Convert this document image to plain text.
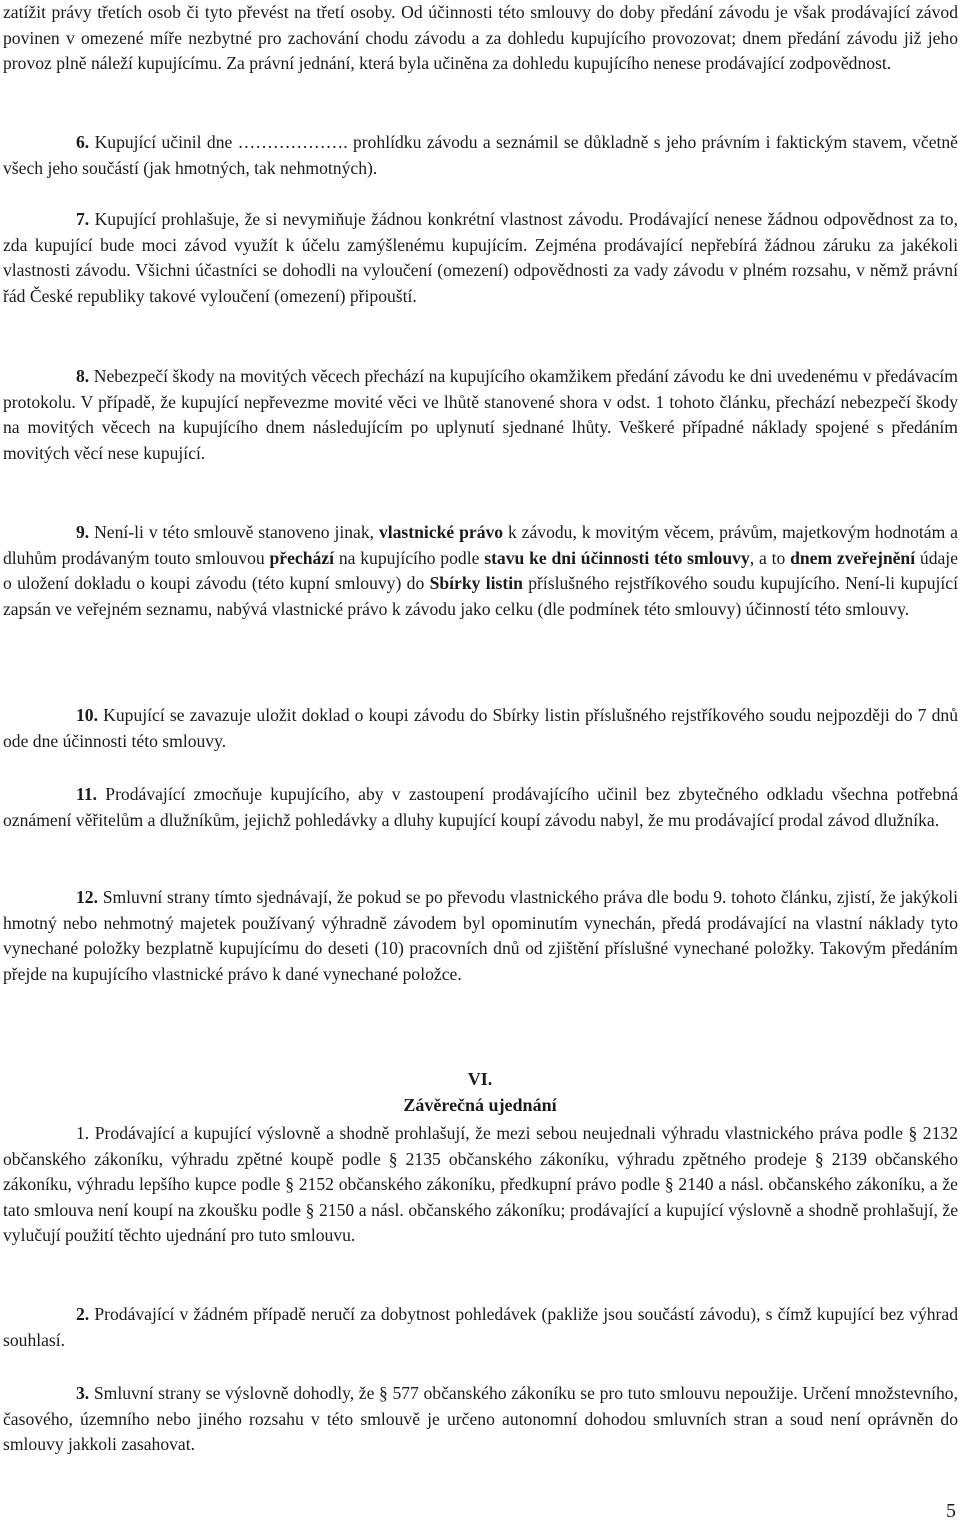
zatížit právy třetích osob či tyto převést na třetí osoby. Od účinnosti této smlouvy do doby předání závodu je však prodávající závod povinen v omezené míře nezbytné pro zachování chodu závodu a za dohledu kupujícího provozovat; dnem předání závodu již jeho provoz plně náleží kupujícímu. Za právní jednání, která byla učiněna za dohledu kupujícího nenese prodávající zodpovědnost.

6. Kupující učinil dne ………………. prohlídku závodu a seznámil se důkladně s jeho právním i faktickým stavem, včetně všech jeho součástí (jak hmotných, tak nehmotných).

7. Kupující prohlašuje, že si nevymiňuje žádnou konkrétní vlastnost závodu. Prodávající nenese žádnou odpovědnost za to, zda kupující bude moci závod využít k účelu zamýšlenému kupujícím. Zejména prodávající nepřebírá žádnou záruku za jakékoli vlastnosti závodu. Všichni účastníci se dohodli na vyloučení (omezení) odpovědnosti za vady závodu v plném rozsahu, v němž právní řád České republiky takové vyloučení (omezení) připouští.

8. Nebezpečí škody na movitých věcech přechází na kupujícího okamžikem předání závodu ke dni uvedenému v předávacím protokolu. V případě, že kupující nepřevezme movité věci ve lhůtě stanovené shora v odst. 1 tohoto článku, přechází nebezpečí škody na movitých věcech na kupujícího dnem následujícím po uplynutí sjednané lhůty. Veškeré případné náklady spojené s předáním movitých věcí nese kupující.

9. Není-li v této smlouvě stanoveno jinak, vlastnické právo k závodu, k movitým věcem, právům, majetkovým hodnotám a dluhům prodávaným touto smlouvou přechází na kupujícího podle stavu ke dni účinnosti této smlouvy, a to dnem zveřejnění údaje o uložení dokladu o koupi závodu (této kupní smlouvy) do Sbírky listin příslušného rejstříkového soudu kupujícího. Není-li kupující zapsán ve veřejném seznamu, nabývá vlastnické právo k závodu jako celku (dle podmínek této smlouvy) účinností této smlouvy.

10. Kupující se zavazuje uložit doklad o koupi závodu do Sbírky listin příslušného rejstříkového soudu nejpozději do 7 dnů ode dne účinnosti této smlouvy.

11. Prodávající zmocňuje kupujícího, aby v zastoupení prodávajícího učinil bez zbytečného odkladu všechna potřebná oznámení věřitelům a dlužníkům, jejichž pohledávky a dluhy kupující koupí závodu nabyl, že mu prodávající prodal závod dlužníka.

12. Smluvní strany tímto sjednávají, že pokud se po převodu vlastnického práva dle bodu 9. tohoto článku, zjistí, že jakýkoli hmotný nebo nehmotný majetek používaný výhradně závodem byl opominutím vynechán, předá prodávající na vlastní náklady tyto vynechané položky bezplatně kupujícímu do deseti (10) pracovních dnů od zjištění příslušné vynechané položky. Takovým předáním přejde na kupujícího vlastnické právo k dané vynechané položce.

VI.

Závěrečná ujednání

1. Prodávající a kupující výslovně a shodně prohlašují, že mezi sebou neujednali výhradu vlastnického práva podle § 2132 občanského zákoníku, výhradu zpětné koupě podle § 2135 občanského zákoníku, výhradu zpětného prodeje § 2139 občanského zákoníku, výhradu lepšího kupce podle § 2152 občanského zákoníku, předkupní právo podle § 2140 a násl. občanského zákoníku, a že tato smlouva není koupí na zkoušku podle § 2150 a násl. občanského zákoníku; prodávající a kupující výslovně a shodně prohlašují, že vylučují použití těchto ujednání pro tuto smlouvu.

2. Prodávající v žádném případě neručí za dobytnost pohledávek (pakliže jsou součástí závodu), s čímž kupující bez výhrad souhlasí.

3. Smluvní strany se výslovně dohodly, že § 577 občanského zákoníku se pro tuto smlouvu nepoužije. Určení množstevního, časového, územního nebo jiného rozsahu v této smlouvě je určeno autonomní dohodou smluvních stran a soud není oprávněn do smlouvy jakkoli zasahovat.

5
